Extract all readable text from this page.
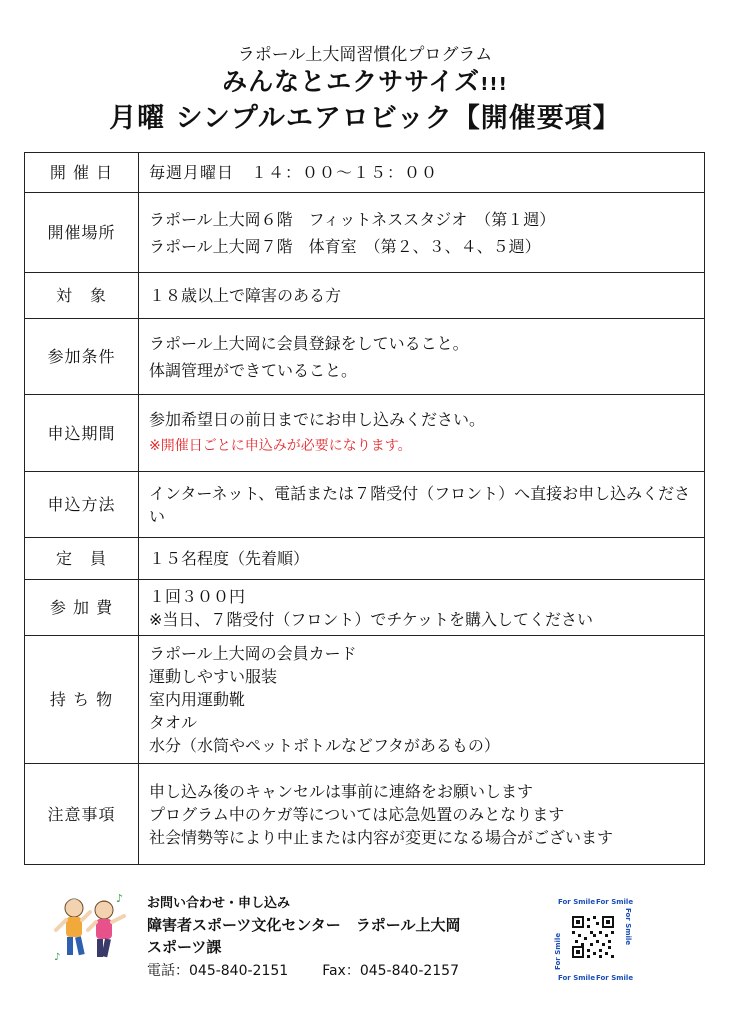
ラポール上大岡習慣化プログラム
みんなとエクササイズ!!!
月曜 シンプルエアロビック【開催要項】
開 催 日	毎週月曜日　１４：００～１５：００

開催場所	ラポール上大岡６階　フィットネススタジオ　（第１週）
ラポール上大岡７階　体育室　（第２、３、４、５週）

対　象	１８歳以上で障害のある方

参加条件	ラポール上大岡に会員登録をしていること。
体調管理ができていること。

申込期間	参加希望日の前日までにお申し込みください。
※開催日ごとに申込みが必要になります。

申込方法	インターネット、電話または７階受付（フロント）へ直接お申し込みください

定　員	１５名程度（先着順）

参 加 費	１回３００円
※当日、７階受付（フロント）でチケットを購入してください

持 ち 物	ラポール上大岡の会員カード
運動しやすい服装
室内用運動靴
タオル
水分（水筒やペットボトルなどフタがあるもの）

注意事項	申し込み後のキャンセルは事前に連絡をお願いします
プログラム中のケガ等については応急処置のみとなります
社会情勢等により中止または内容が変更になる場合がございます
♪
♪
お問い合わせ・申し込み
障害者スポーツ文化センター　ラポール上大岡
スポーツ課
電話：045-840-2151 Fax：045-840-2157
For Smile For Smile
For Smile For Smile
For Smile
For Smile
